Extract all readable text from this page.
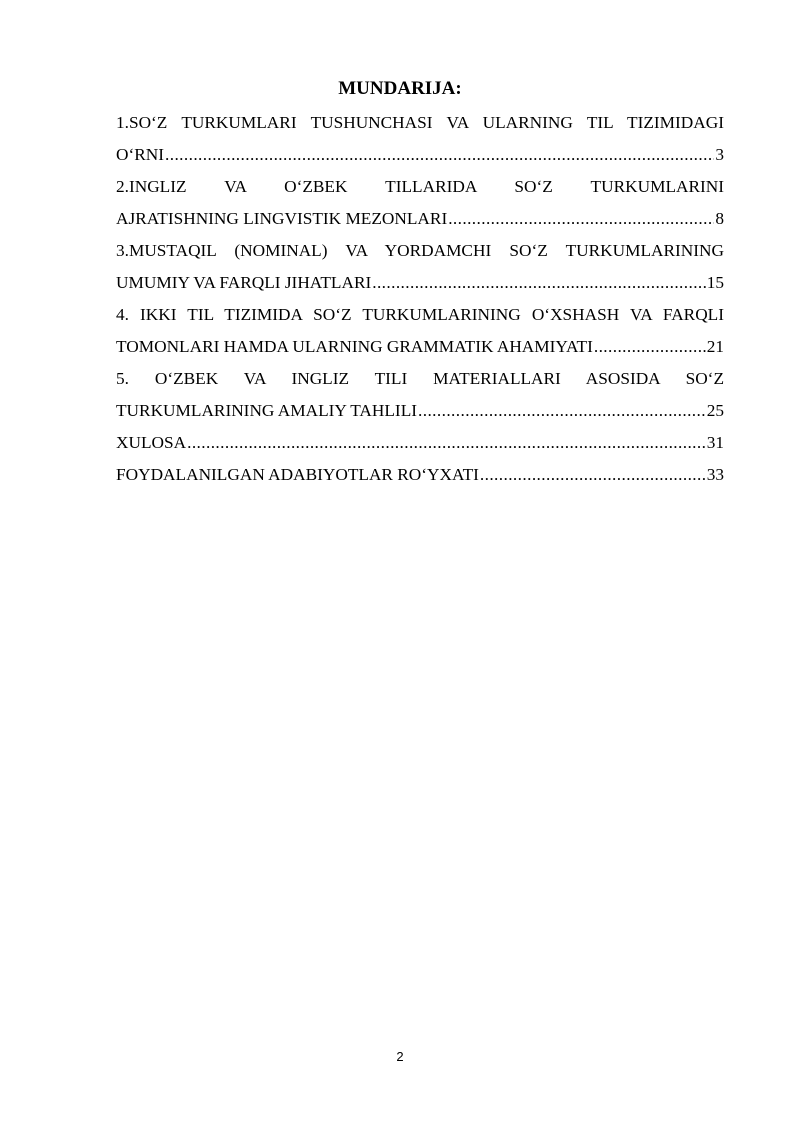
MUNDARIJA:
1.SO‘Z TURKUMLARI TUSHUNCHASI VA ULARNING TIL TIZIMIDAGI
O‘RNI .....	3
2.INGLIZ VA O‘ZBEK TILLARIDA SO‘Z TURKUMLARINI
AJRATISHNING LINGVISTIK MEZONLARI .....	8
3.MUSTAQIL (NOMINAL) VA YORDAMCHI SO‘Z TURKUMLARINING
UMUMIY VA FARQLI JIHATLARI .....	15
4. IKKI TIL TIZIMIDA SO‘Z TURKUMLARINING O‘XSHASH VA FARQLI
TOMONLARI HAMDA ULARNING GRAMMATIK AHAMIYATI .....	21
5. O‘ZBEK VA INGLIZ TILI MATERIALLARI ASOSIDA SO‘Z
TURKUMLARINING AMALIY TAHLILI .....	25
XULOSA .....	31
FOYDALANILGAN ADABIYOTLAR RO‘YXATI .....	33
2
